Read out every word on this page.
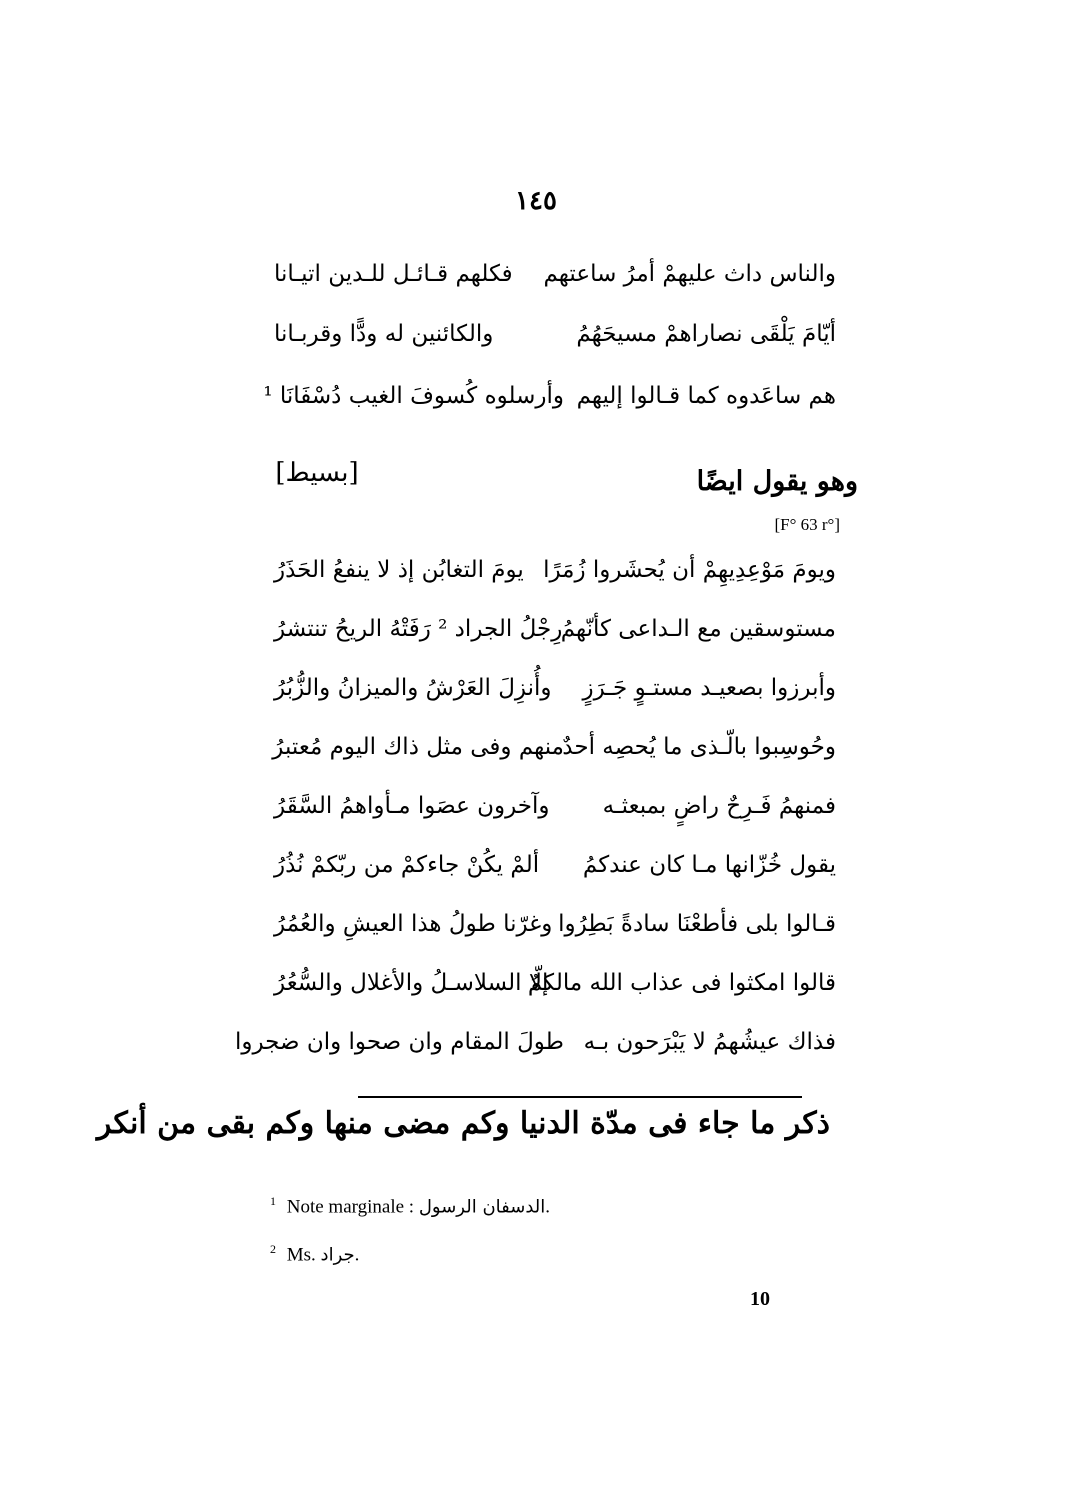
١٤٥
والناس داث عليهمْ أمرُ ساعتهم
فكلهم قـائـل للـدين اتيـانا
أيّامَ يَلْقَى نصاراهمْ مسيحَهُمُ
والكائنين له ودًّا وقربـانا
هم ساعَدوه كما قـالوا إليهم
وأرسلوه كُسوفَ الغيب دُسْفَانَا ¹
وهو يقول ايضًا
[بسيط]
[F° 63 r°]
ويومَ مَوْعِدِيهِمْ أن يُحشَروا زُمَرًا
يومَ التغابُن إذ لا ينفعُ الحَذَرُ
مستوسقين مع الـداعى كأنّهمُ
رِجْلُ الجراد ² رَفَتْهُ الريحُ تنتشرُ
وأبرزوا بصعيـد مستـوٍ جَـرَزٍ
وأُنزِلَ العَرْشُ والميزانُ والزُّبُرُ
وحُوسِبوا بالّـذى ما يُحصِه أحدٌ
منهم وفى مثل ذاك اليوم مُعتبرُ
فمنهمُ فَـرِحٌ راضٍ بمبعثـه
وآخرون عصَوا مـأواهمُ السَّقَرُ
يقول خُزّانها مـا كان عندكمُ
ألمْ يكُنْ جاءكمْ من ربّكمْ نُذُرُ
قـالوا بلى فأطعْنَا سادةً بَطِرُوا
وغرّنا طولُ هذا العيشِ والعُمُرُ
قالوا امكثوا فى عذاب الله مالكمُ
إلّا السلاسـلُ والأغلال والسُّعُرُ
فذاك عيشُهمُ لا يَبْرَحون بـه
طولَ المقام وان صحوا وان ضجروا
ذكر ما جاء فى مدّة الدنيا وكم مضى منها وكم بقى من أنكر
$^1$ Note marginale : الدسفان الرسول.
$^2$ Ms. جراد.
10
